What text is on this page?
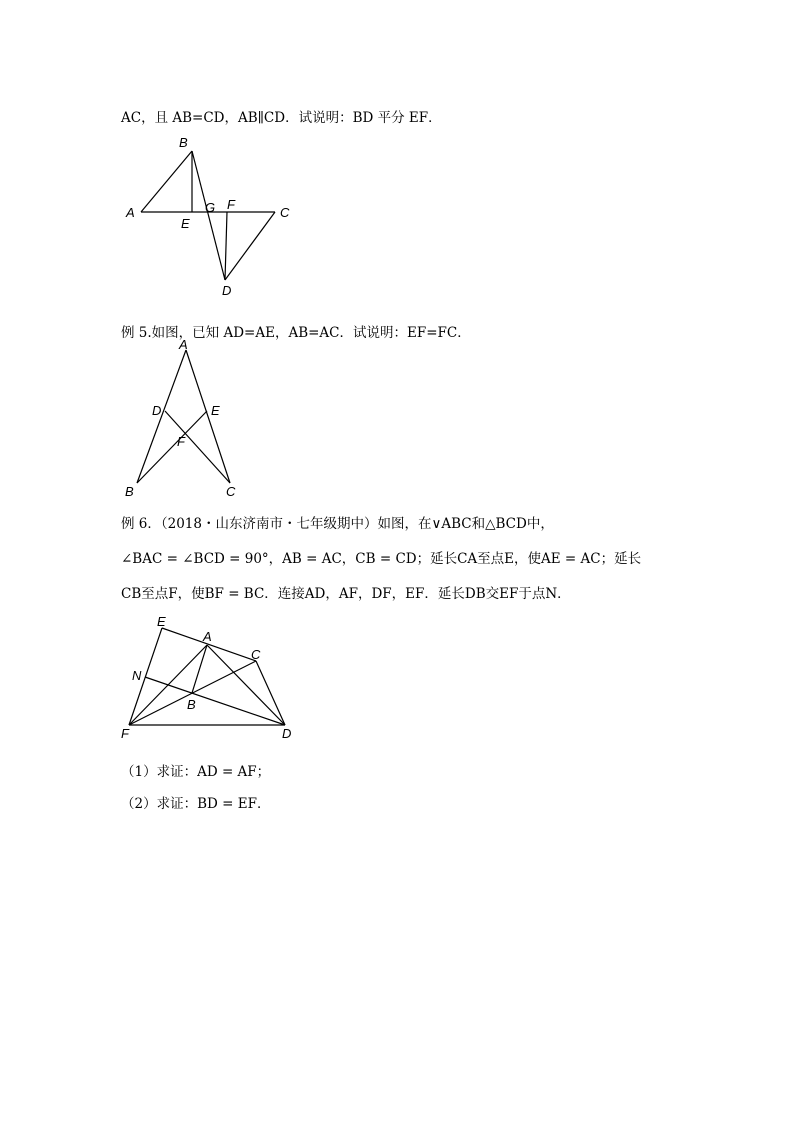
AC，且 AB=CD，AB∥CD．试说明：BD 平分 EF．
B
A
E
G F
C
D
例 5.如图，已知 AD=AE，AB=AC．试说明：EF=FC．
A
D	E
F
B	C
例 6．（2018・山东济南市・七年级期中）如图，在∨ABC和△BCD中，
∠BAC = ∠BCD = 90°，AB = AC，CB = CD；延长CA至点E，使AE = AC；延长
CB至点F，使BF = BC．连接AD，AF，DF，EF．延长DB交EF于点N．
E
A
C
N
B
F	D
（1）求证：AD = AF；
（2）求证：BD = EF．
